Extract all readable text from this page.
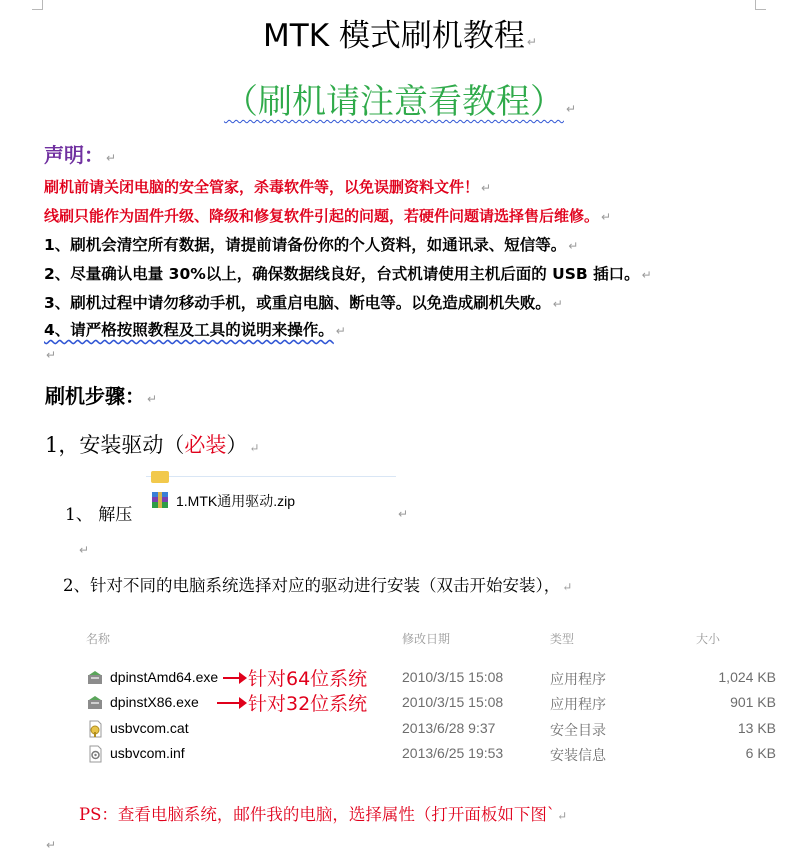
MTK 模式刷机教程 ↵
（刷机请注意看教程） ↵
声明： ↵
刷机前请关闭电脑的安全管家，杀毒软件等，以免误删资料文件！ ↵
线刷只能作为固件升级、降级和修复软件引起的问题，若硬件问题请选择售后维修。 ↵
1、刷机会清空所有数据，请提前请备份你的个人资料，如通讯录、短信等。 ↵
2、尽量确认电量 30%以上，确保数据线良好，台式机请使用主机后面的 USB 插口。 ↵
3、刷机过程中请勿移动手机，或重启电脑、断电等。以免造成刷机失败。 ↵
4、请严格按照教程及工具的说明来操作。 ↵
↵
刷机步骤： ↵
1，安装驱动（必装） ↵
1、 解压
1.MTK通用驱动.zip
↵
↵
2、针对不同的电脑系统选择对应的驱动进行安装（双击开始安装）， ↵
名称	修改日期	类型	大小
dpinstAmd64.exe 针对64位系统 2010/3/15 15:08	应用程序	1,024 KB
dpinstX86.exe	针对32位系统 2010/3/15 15:08	应用程序	901 KB
usbvcom.cat	2013/6/28 9:37	安全目录	13 KB
usbvcom.inf	2013/6/25 19:53	安装信息	6 KB
PS：查看电脑系统，邮件我的电脑，选择属性（打开面板如下图` ↵
↵
